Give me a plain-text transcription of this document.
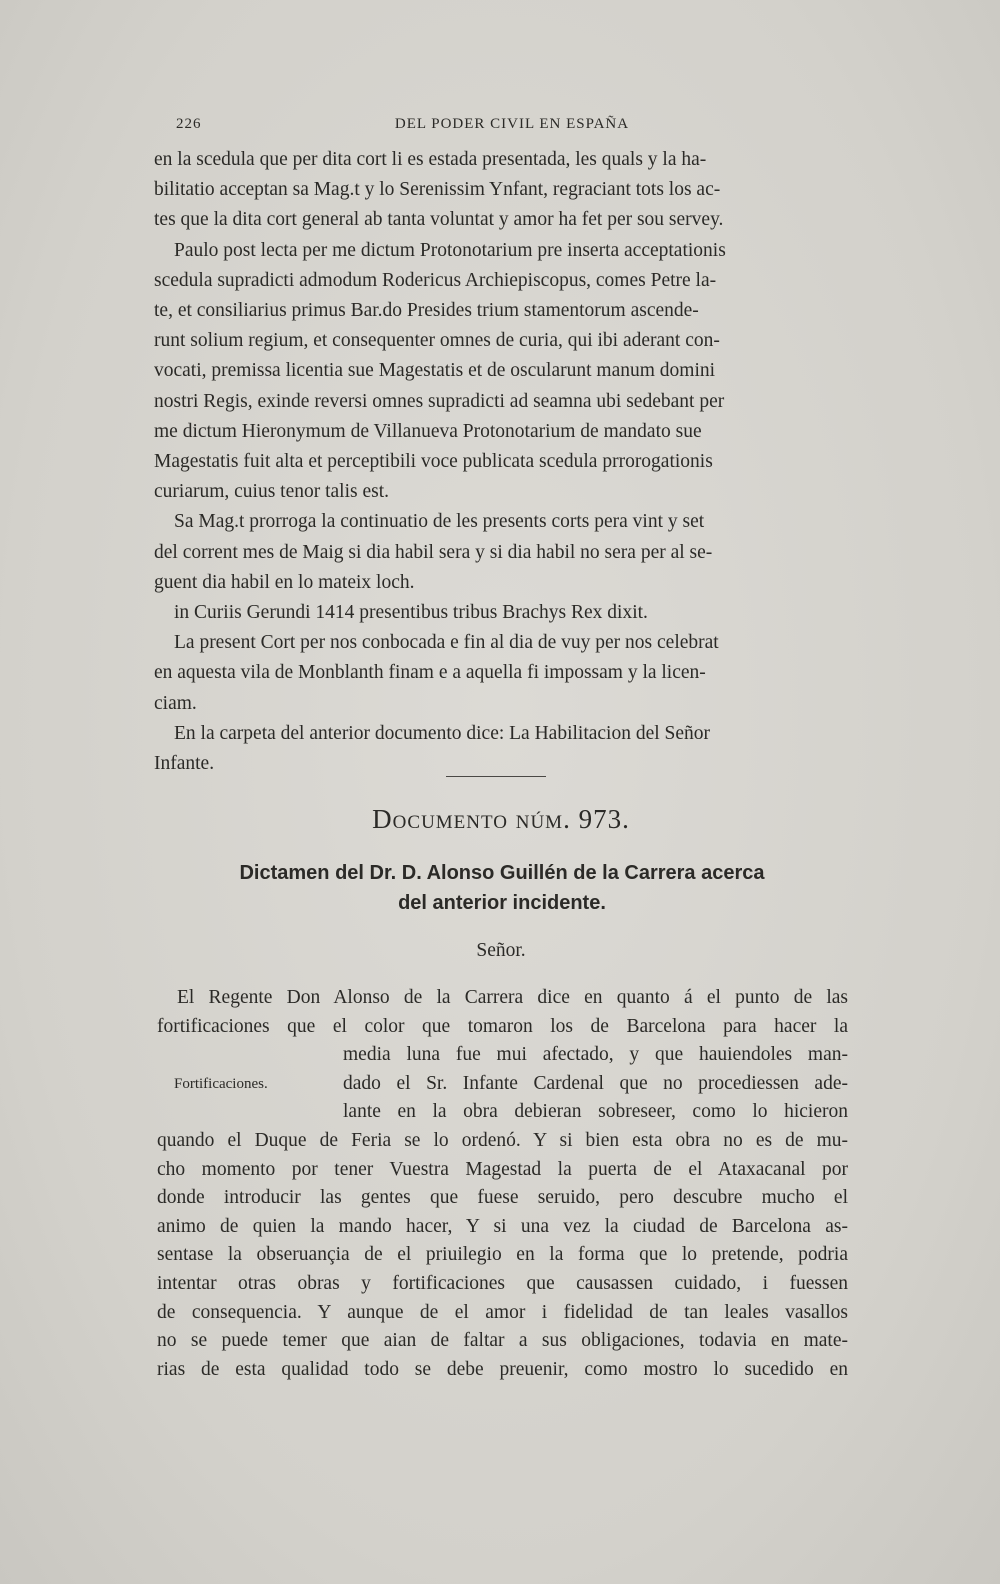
226	DEL PODER CIVIL EN ESPAÑA

en la scedula que per dita cort li es estada presentada, les quals y la ha-

bilitatio acceptan sa Mag.t y lo Serenissim Ynfant, regraciant tots los ac-

tes que la dita cort general ab tanta voluntat y amor ha fet per sou servey.

Paulo post lecta per me dictum Protonotarium pre inserta acceptationis

scedula supradicti admodum Rodericus Archiepiscopus, comes Petre la-

te, et consiliarius primus Bar.do Presides trium stamentorum ascende-

runt solium regium, et consequenter omnes de curia, qui ibi aderant con-

vocati, premissa licentia sue Magestatis et de oscularunt manum domini

nostri Regis, exinde reversi omnes supradicti ad seamna ubi sedebant per

me dictum Hieronymum de Villanueva Protonotarium de mandato sue

Magestatis fuit alta et perceptibili voce publicata scedula prrorogationis

curiarum, cuius tenor talis est.

Sa Mag.t prorroga la continuatio de les presents corts pera vint y set

del corrent mes de Maig si dia habil sera y si dia habil no sera per al se-

guent dia habil en lo mateix loch.

in Curiis Gerundi 1414 presentibus tribus Brachys Rex dixit.

La present Cort per nos conbocada e fin al dia de vuy per nos celebrat

en aquesta vila de Monblanth finam e a aquella fi impossam y la licen-

ciam.

En la carpeta del anterior documento dice: La Habilitacion del Señor

Infante.

Documento núm. 973.
Dictamen del Dr. D. Alonso Guillén de la Carrera acerca
del anterior incidente.
Señor.
Fortificaciones.
El Regente Don Alonso de la Carrera dice en quanto á el punto de las
fortificaciones que el color que tomaron los de Barcelona para hacer la
media luna fue mui afectado, y que hauiendoles man-
dado el Sr. Infante Cardenal que no procediessen ade-
lante en la obra debieran sobreseer, como lo hicieron
quando el Duque de Feria se lo ordenó. Y si bien esta obra no es de mu-
cho momento por tener Vuestra Magestad la puerta de el Ataxacanal por
donde introducir las gentes que fuese seruido, pero descubre mucho el
animo de quien la mando hacer, Y si una vez la ciudad de Barcelona as-
sentase la obseruançia de el priuilegio en la forma que lo pretende, podria
intentar otras obras y fortificaciones que causassen cuidado, i fuessen
de consequencia. Y aunque de el amor i fidelidad de tan leales vasallos
no se puede temer que aian de faltar a sus obligaciones, todavia en mate-
rias de esta qualidad todo se debe preuenir, como mostro lo sucedido en
